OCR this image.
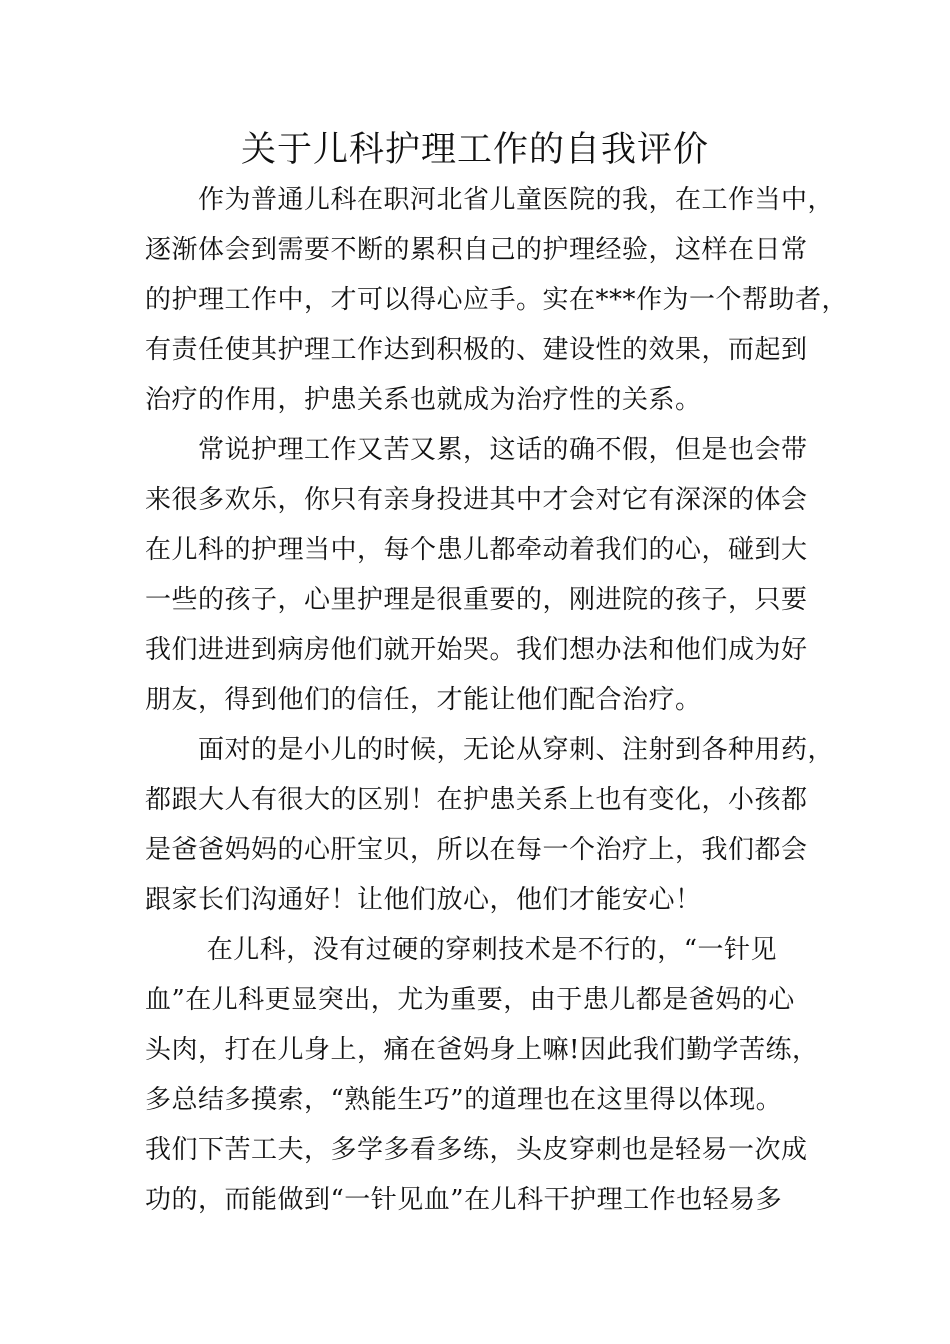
关于儿科护理工作的自我评价
　　作为普通儿科在职河北省儿童医院的我，在工作当中，
逐渐体会到需要不断的累积自己的护理经验，这样在日常
的护理工作中，才可以得心应手。实在***作为一个帮助者，
有责任使其护理工作达到积极的、建设性的效果，而起到
治疗的作用，护患关系也就成为治疗性的关系。
　　常说护理工作又苦又累，这话的确不假，但是也会带
来很多欢乐，你只有亲身投进其中才会对它有深深的体会
在儿科的护理当中，每个患儿都牵动着我们的心，碰到大
一些的孩子，心里护理是很重要的，刚进院的孩子，只要
我们进进到病房他们就开始哭。我们想办法和他们成为好
朋友，得到他们的信任，才能让他们配合治疗。
　　面对的是小儿的时候，无论从穿刺、注射到各种用药，
都跟大人有很大的区别！在护患关系上也有变化，小孩都
是爸爸妈妈的心肝宝贝，所以在每一个治疗上，我们都会
跟家长们沟通好！让他们放心，他们才能安心！
　　 在儿科，没有过硬的穿刺技术是不行的，“一针见
血”在儿科更显突出，尤为重要，由于患儿都是爸妈的心
头肉，打在儿身上，痛在爸妈身上嘛!因此我们勤学苦练，
多总结多摸索，“熟能生巧”的道理也在这里得以体现。
我们下苦工夫，多学多看多练，头皮穿刺也是轻易一次成
功的，而能做到“一针见血”在儿科干护理工作也轻易多
